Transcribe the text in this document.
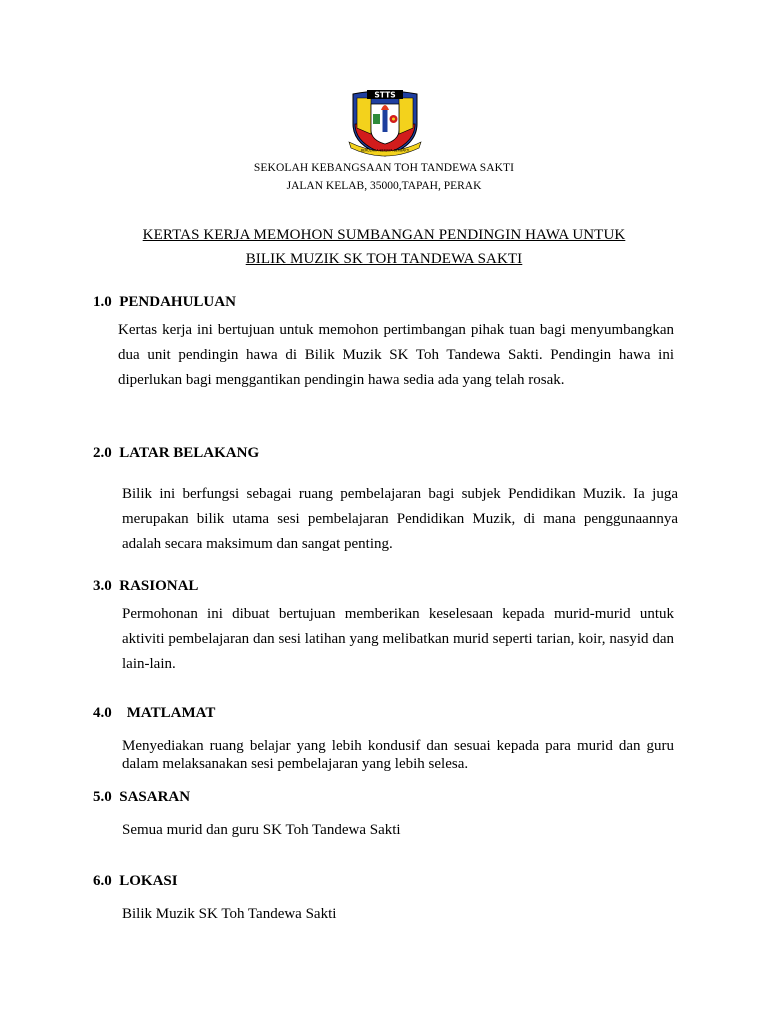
STTS
BERUSAHA BERJAYA BERBAKTI
SEKOLAH KEBANGSAAN TOH TANDEWA SAKTI
JALAN KELAB, 35000,TAPAH, PERAK
KERTAS KERJA MEMOHON SUMBANGAN PENDINGIN HAWA UNTUK
BILIK MUZIK SK TOH TANDEWA SAKTI
1.0  PENDAHULUAN
Kertas kerja ini bertujuan untuk memohon pertimbangan pihak tuan bagi menyumbangkan dua unit pendingin hawa di Bilik Muzik SK Toh Tandewa Sakti. Pendingin hawa ini diperlukan bagi menggantikan pendingin hawa sedia ada yang telah rosak.
2.0  LATAR BELAKANG
Bilik ini berfungsi sebagai ruang pembelajaran bagi subjek Pendidikan Muzik. Ia juga merupakan bilik utama sesi pembelajaran Pendidikan Muzik, di mana penggunaannya adalah secara maksimum dan sangat penting.
3.0  RASIONAL
Permohonan ini dibuat bertujuan memberikan keselesaan kepada murid-murid untuk aktiviti pembelajaran dan sesi latihan yang melibatkan murid seperti tarian, koir, nasyid dan lain-lain.
4.0    MATLAMAT
Menyediakan ruang belajar yang lebih kondusif dan sesuai kepada para murid dan guru dalam melaksanakan sesi pembelajaran yang lebih selesa.
5.0  SASARAN
Semua murid dan guru SK Toh Tandewa Sakti
6.0  LOKASI
Bilik Muzik SK Toh Tandewa Sakti
